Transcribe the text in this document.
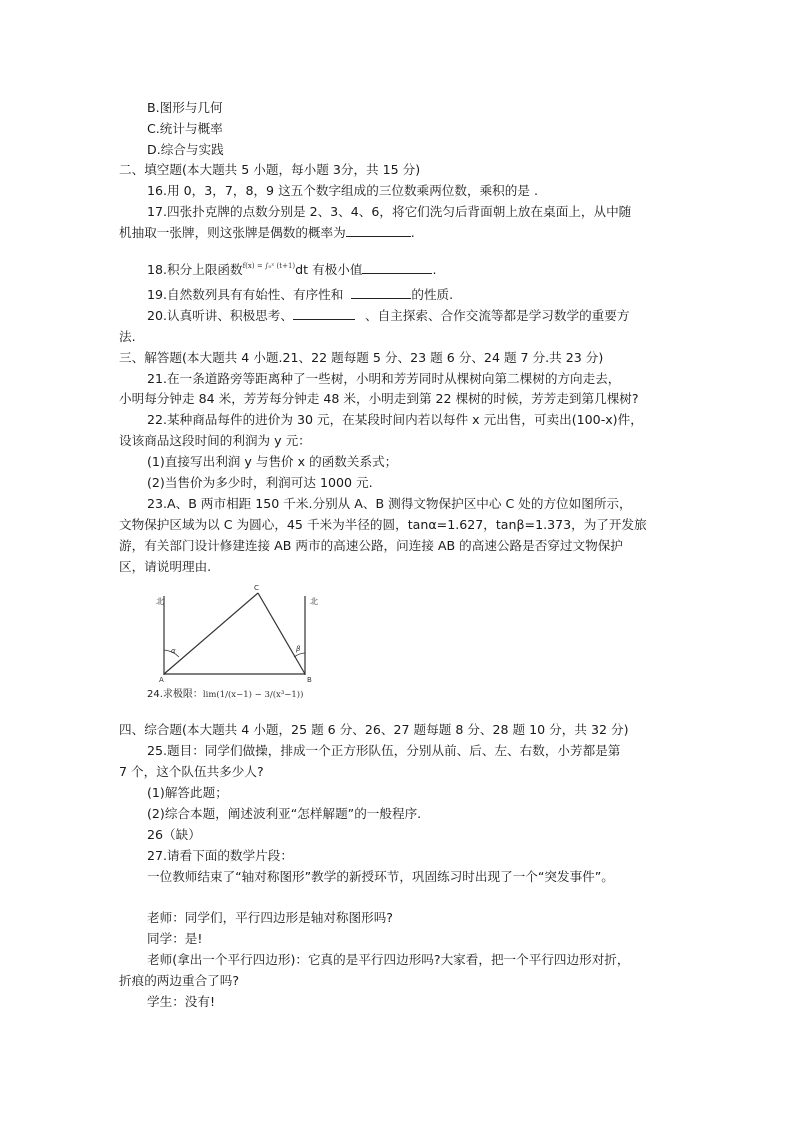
B.图形与几何
C.统计与概率
D.综合与实践
二、填空题(本大题共 5 小题，每小题 3分，共 15 分)
16.用 0，3，7，8，9 这五个数字组成的三位数乘两位数，乘积的是 .
17.四张扑克牌的点数分别是 2、3、4、6，将它们洗匀后背面朝上放在桌面上，从中随
机抽取一张牌，则这张牌是偶数的概率为	.
18.积分上限函数f(x) = ∫₀ˣ (t+1)dt 有极小值	.
19.自然数列具有有始性、有序性和	的性质.
20.认真听讲、积极思考、	、自主探索、合作交流等都是学习数学的重要方
法.
三、解答题(本大题共 4 小题.21、22 题每题 5 分、23 题 6 分、24 题 7 分.共 23 分)
21.在一条道路旁等距离种了一些树，小明和芳芳同时从棵树向第二棵树的方向走去，
小明每分钟走 84 米，芳芳每分钟走 48 米，小明走到第 22 棵树的时候，芳芳走到第几棵树?
22.某种商品每件的进价为 30 元，在某段时间内若以每件 x 元出售，可卖出(100-x)件，
设该商品这段时间的利润为 y 元：
(1)直接写出利润 y 与售价 x 的函数关系式；
(2)当售价为多少时，利润可达 1000 元.
23.A、B 两市相距 150 千米.分别从 A、B 测得文物保护区中心 C 处的方位如图所示，
文物保护区域为以 C 为圆心，45 千米为半径的圆，tanα=1.627，tanβ=1.373，为了开发旅
游，有关部门设计修建连接 AB 两市的高速公路，问连接 AB 的高速公路是否穿过文物保护
区，请说明理由.
北	北
C
A	B
α	β
24.求极限：lim(1/(x−1) − 3/(x³−1))
四、综合题(本大题共 4 小题，25 题 6 分、26、27 题每题 8 分、28 题 10 分，共 32 分)
25.题目：同学们做操，排成一个正方形队伍，分别从前、后、左、右数，小芳都是第
7 个，这个队伍共多少人?
(1)解答此题；
(2)综合本题，阐述波利亚“怎样解题”的一般程序.
26（缺）
27.请看下面的数学片段：
一位教师结束了“轴对称图形”教学的新授环节，巩固练习时出现了一个“突发事件”。
老师：同学们，平行四边形是轴对称图形吗?
同学：是!
老师(拿出一个平行四边形)：它真的是平行四边形吗?大家看，把一个平行四边形对折，
折痕的两边重合了吗?
学生：没有!
